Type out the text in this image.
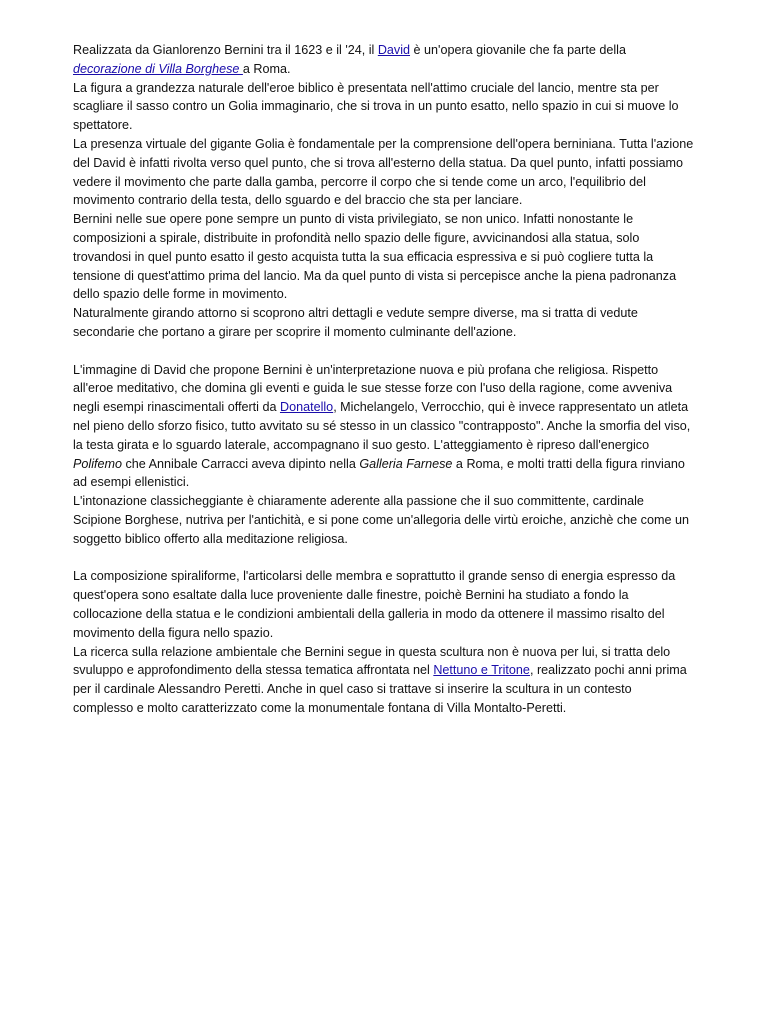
Realizzata da Gianlorenzo Bernini tra il 1623 e il '24, il David è un'opera giovanile che fa parte della decorazione di Villa Borghese a Roma.

La figura a grandezza naturale dell'eroe biblico è presentata nell'attimo cruciale del lancio, mentre sta per scagliare il sasso contro un Golia immaginario, che si trova in un punto esatto, nello spazio in cui si muove lo spettatore.

La presenza virtuale del gigante Golia è fondamentale per la comprensione dell'opera berniniana. Tutta l'azione del David è infatti rivolta verso quel punto, che si trova all'esterno della statua. Da quel punto, infatti possiamo vedere il movimento che parte dalla gamba, percorre il corpo che si tende come un arco, l'equilibrio del movimento contrario della testa, dello sguardo e del braccio che sta per lanciare.

Bernini nelle sue opere pone sempre un punto di vista privilegiato, se non unico. Infatti nonostante le composizioni a spirale, distribuite in profondità nello spazio delle figure, avvicinandosi alla statua, solo trovandosi in quel punto esatto il gesto acquista tutta la sua efficacia espressiva e si può cogliere tutta la tensione di quest'attimo prima del lancio. Ma da quel punto di vista si percepisce anche la piena padronanza dello spazio delle forme in movimento.

Naturalmente girando attorno si scoprono altri dettagli e vedute sempre diverse, ma si tratta di vedute secondarie che portano a girare per scoprire il momento culminante dell'azione.

L'immagine di David che propone Bernini è un'interpretazione nuova e più profana che religiosa. Rispetto all'eroe meditativo, che domina gli eventi e guida le sue stesse forze con l'uso della ragione, come avveniva negli esempi rinascimentali offerti da Donatello, Michelangelo, Verrocchio, qui è invece rappresentato un atleta nel pieno dello sforzo fisico, tutto avvitato su sé stesso in un classico "contrapposto". Anche la smorfia del viso, la testa girata e lo sguardo laterale, accompagnano il suo gesto. L'atteggiamento è ripreso dall'energico Polifemo che Annibale Carracci aveva dipinto nella Galleria Farnese a Roma, e molti tratti della figura rinviano ad esempi ellenistici.

L'intonazione classicheggiante è chiaramente aderente alla passione che il suo committente, cardinale Scipione Borghese, nutriva per l'antichità, e si pone come un'allegoria delle virtù eroiche, anzichè che come un soggetto biblico offerto alla meditazione religiosa.

La composizione spiraliforme, l'articolarsi delle membra e soprattutto il grande senso di energia espresso da quest'opera sono esaltate dalla luce proveniente dalle finestre, poichè Bernini ha studiato a fondo la collocazione della statua e le condizioni ambientali della galleria in modo da ottenere il massimo risalto del movimento della figura nello spazio.

La ricerca sulla relazione ambientale che Bernini segue in questa scultura non è nuova per lui, si tratta delo svuluppo e approfondimento della stessa tematica affrontata nel Nettuno e Tritone, realizzato pochi anni prima per il cardinale Alessandro Peretti. Anche in quel caso si trattave si inserire la scultura in un contesto complesso e molto caratterizzato come la monumentale fontana di Villa Montalto-Peretti.
